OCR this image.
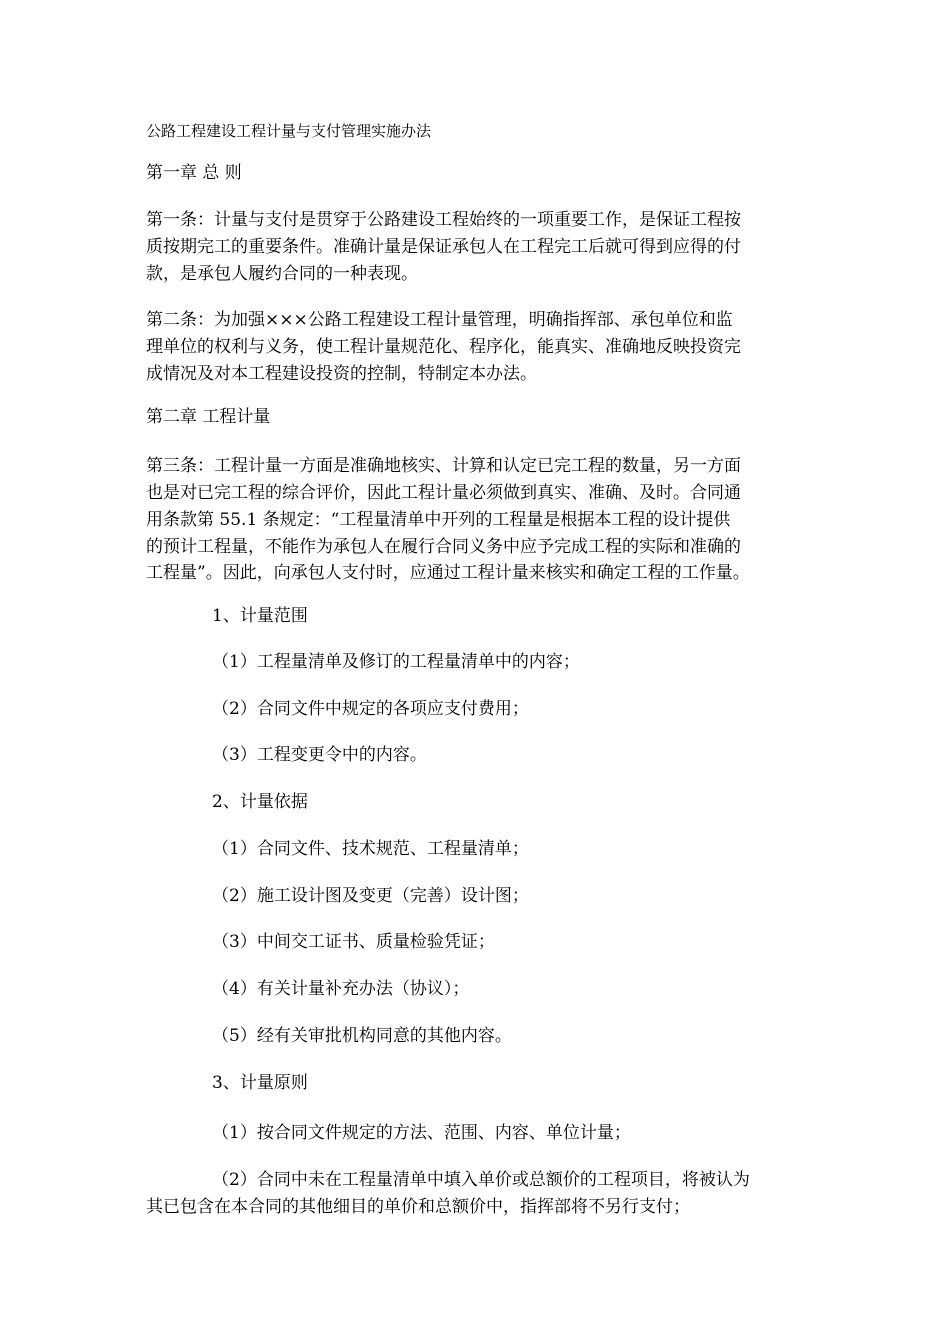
公路工程建设工程计量与支付管理实施办法
第一章 总 则
第一条：计量与支付是贯穿于公路建设工程始终的一项重要工作，是保证工程按
质按期完工的重要条件。准确计量是保证承包人在工程完工后就可得到应得的付
款，是承包人履约合同的一种表现。
第二条：为加强×××公路工程建设工程计量管理，明确指挥部、承包单位和监
理单位的权利与义务，使工程计量规范化、程序化，能真实、准确地反映投资完
成情况及对本工程建设投资的控制，特制定本办法。
第二章 工程计量
第三条：工程计量一方面是准确地核实、计算和认定已完工程的数量，另一方面
也是对已完工程的综合评价，因此工程计量必须做到真实、准确、及时。合同通
用条款第 55.1 条规定：“工程量清单中开列的工程量是根据本工程的设计提供
的预计工程量，不能作为承包人在履行合同义务中应予完成工程的实际和准确的
工程量”。因此，向承包人支付时，应通过工程计量来核实和确定工程的工作量。
1、计量范围
（1）工程量清单及修订的工程量清单中的内容；
（2）合同文件中规定的各项应支付费用；
（3）工程变更令中的内容。
2、计量依据
（1）合同文件、技术规范、工程量清单；
（2）施工设计图及变更（完善）设计图；
（3）中间交工证书、质量检验凭证；
（4）有关计量补充办法（协议）；
（5）经有关审批机构同意的其他内容。
3、计量原则
（1）按合同文件规定的方法、范围、内容、单位计量；
（2）合同中未在工程量清单中填入单价或总额价的工程项目，将被认为
其已包含在本合同的其他细目的单价和总额价中，指挥部将不另行支付；
